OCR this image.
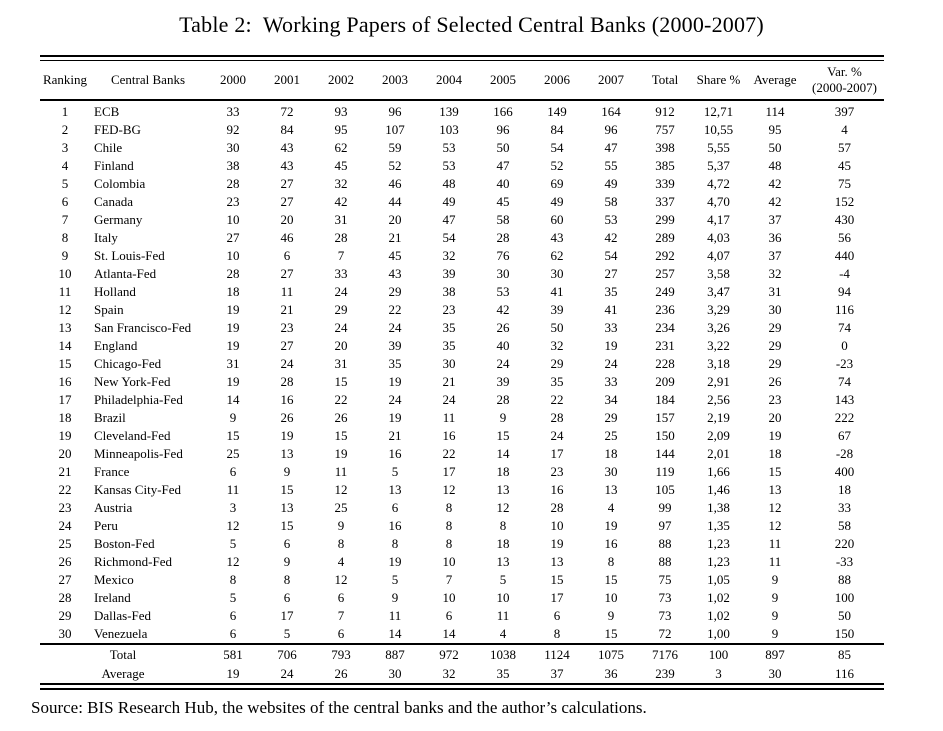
Table 2:  Working Papers of Selected Central Banks (2000-2007)
Ranking	Central Banks	2000	2001	2002	2003	2004	2005	2006	2007	Total	Share %	Average	Var. %
(2000-2007)
1	ECB	33	72	93	96	139	166	149	164	912	12,71	114	397
2	FED-BG	92	84	95	107	103	96	84	96	757	10,55	95	4
3	Chile	30	43	62	59	53	50	54	47	398	5,55	50	57
4	Finland	38	43	45	52	53	47	52	55	385	5,37	48	45
5	Colombia	28	27	32	46	48	40	69	49	339	4,72	42	75
6	Canada	23	27	42	44	49	45	49	58	337	4,70	42	152
7	Germany	10	20	31	20	47	58	60	53	299	4,17	37	430
8	Italy	27	46	28	21	54	28	43	42	289	4,03	36	56
9	St. Louis-Fed	10	6	7	45	32	76	62	54	292	4,07	37	440
10	Atlanta-Fed	28	27	33	43	39	30	30	27	257	3,58	32	-4
11	Holland	18	11	24	29	38	53	41	35	249	3,47	31	94
12	Spain	19	21	29	22	23	42	39	41	236	3,29	30	116
13	San Francisco-Fed	19	23	24	24	35	26	50	33	234	3,26	29	74
14	England	19	27	20	39	35	40	32	19	231	3,22	29	0
15	Chicago-Fed	31	24	31	35	30	24	29	24	228	3,18	29	-23
16	New York-Fed	19	28	15	19	21	39	35	33	209	2,91	26	74
17	Philadelphia-Fed	14	16	22	24	24	28	22	34	184	2,56	23	143
18	Brazil	9	26	26	19	11	9	28	29	157	2,19	20	222
19	Cleveland-Fed	15	19	15	21	16	15	24	25	150	2,09	19	67
20	Minneapolis-Fed	25	13	19	16	22	14	17	18	144	2,01	18	-28
21	France	6	9	11	5	17	18	23	30	119	1,66	15	400
22	Kansas City-Fed	11	15	12	13	12	13	16	13	105	1,46	13	18
23	Austria	3	13	25	6	8	12	28	4	99	1,38	12	33
24	Peru	12	15	9	16	8	8	10	19	97	1,35	12	58
25	Boston-Fed	5	6	8	8	8	18	19	16	88	1,23	11	220
26	Richmond-Fed	12	9	4	19	10	13	13	8	88	1,23	11	-33
27	Mexico	8	8	12	5	7	5	15	15	75	1,05	9	88
28	Ireland	5	6	6	9	10	10	17	10	73	1,02	9	100
29	Dallas-Fed	6	17	7	11	6	11	6	9	73	1,02	9	50
30	Venezuela	6	5	6	14	14	4	8	15	72	1,00	9	150
Total		581	706	793	887	972	1038	1124	1075	7176	100	897	85
Average		19	24	26	30	32	35	37	36	239	3	30	116

Source: BIS Research Hub, the websites of the central banks and the author’s calculations.
